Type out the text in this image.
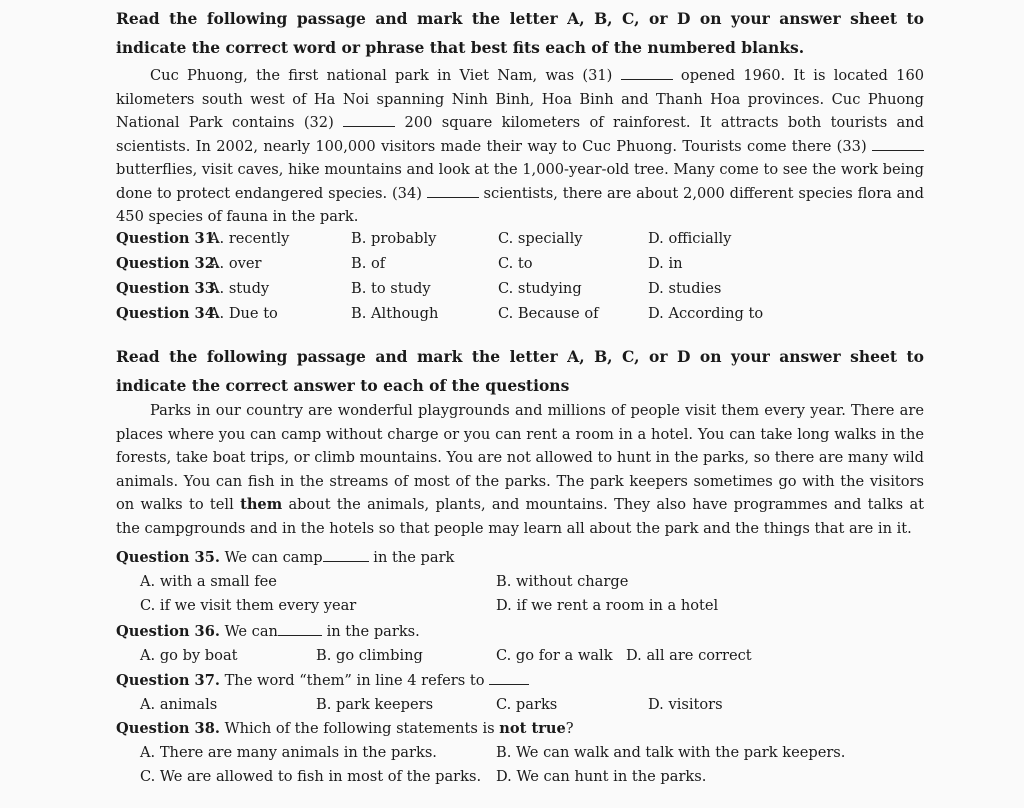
Read the following passage and mark the letter A, B, C, or D on your answer sheet to indicate the correct word or phrase that best fits each of the numbered blanks.
Cuc Phuong, the first national park in Viet Nam, was (31)	opened 1960. It is located 160 kilometers south west of Ha Noi spanning Ninh Binh, Hoa Binh and Thanh Hoa provinces. Cuc Phuong National Park contains (32)	200 square kilometers of rainforest. It attracts both tourists and scientists. In 2002, nearly 100,000 visitors made their way to Cuc Phuong. Tourists come there (33)  butterflies, visit caves, hike mountains and look at the 1,000-year-old tree. Many come to see the work being done to protect endangered species. (34)	scientists, there are about 2,000 different species flora and 450 species of fauna in the park.
Question 31.
A. recently	B. probably	C. specially	D. officially
Question 32.
A. over	B. of	C. to	D. in
Question 33.
A. study	B. to study	C. studying	D. studies
Question 34.
A. Due to	B. Although	C. Because of	D. According to
Read the following passage and mark the letter A, B, C, or D on your answer sheet to indicate the correct answer to each of the questions
Parks in our country are wonderful playgrounds and millions of people visit them every year. There are places where you can camp without charge or you can rent a room in a hotel. You can take long walks in the forests, take boat trips, or climb mountains. You are not allowed to hunt in the parks, so there are many wild animals. You can fish in the streams of most of the parks. The park keepers sometimes go with the visitors on walks to tell them about the animals, plants, and mountains. They also have programmes and talks at the campgrounds and in the hotels so that people may learn all about the park and the things that are in it.
Question 35. We can camp	in the park
A. with a small fee	B. without charge
C. if we visit them every year	D. if we rent a room in a hotel
Question 36. We can	in the parks.
A. go by boat	B. go climbing	C. go for a walk D. all are correct
Question 37. The word “them” in line 4 refers to
A. animals	B. park keepers	C. parks	D. visitors
Question 38. Which of the following statements is not true?
A. There are many animals in the parks.	B. We can walk and talk with the park keepers.
C. We are allowed to fish in most of the parks. D. We can hunt in the parks.
